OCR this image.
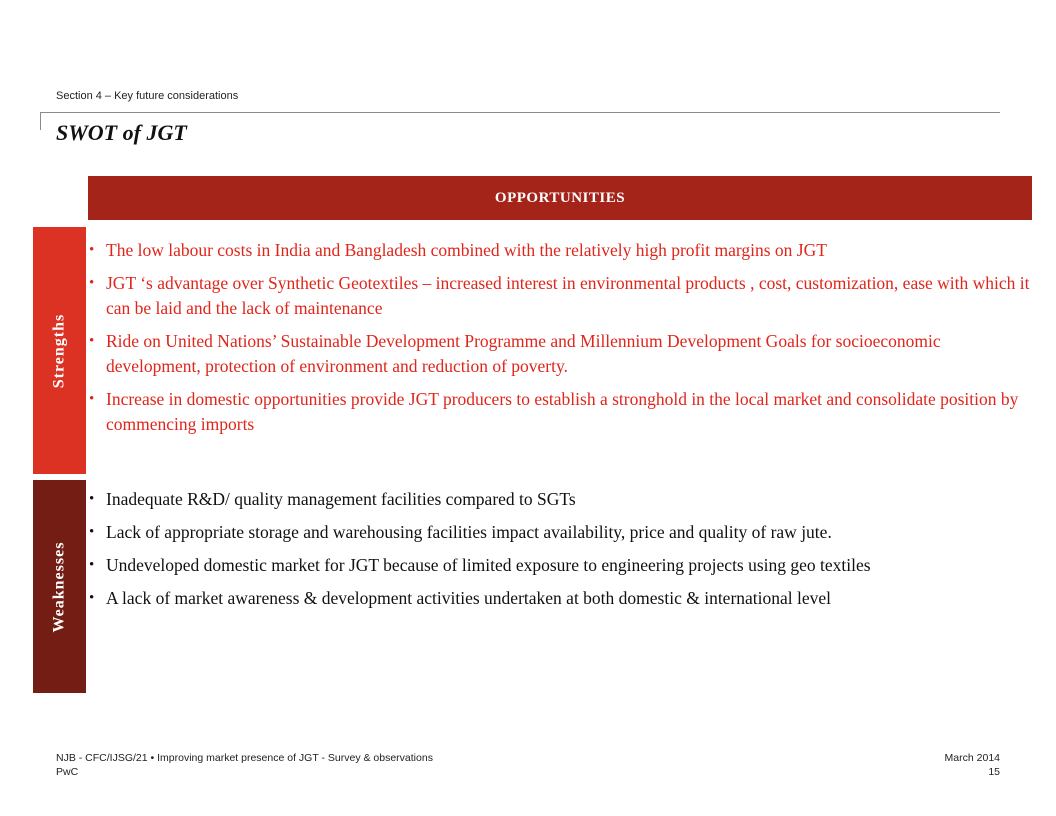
Section 4 – Key future considerations
SWOT of JGT
OPPORTUNITIES
Strengths
• The low labour costs in India and Bangladesh combined with the relatively high profit margins on JGT
• JGT ‘s advantage over Synthetic Geotextiles – increased interest in environmental products , cost, customization, ease with which it can be laid and the lack of maintenance
• Ride on United Nations’ Sustainable Development Programme and Millennium Development Goals for socioeconomic development, protection of environment and reduction of poverty.
• Increase in domestic opportunities provide JGT producers to establish a stronghold in the local market and consolidate position by commencing imports
Weaknesses
• Inadequate R&D/ quality management facilities compared to SGTs
• Lack of appropriate storage and warehousing facilities impact availability, price and quality of raw jute.
• Undeveloped domestic market for JGT because of limited exposure to engineering projects using geo textiles
• A lack of market awareness & development activities undertaken at both domestic & international level
NJB - CFC/IJSG/21 • Improving market presence of JGT - Survey & observations
PwC
March 2014
15
